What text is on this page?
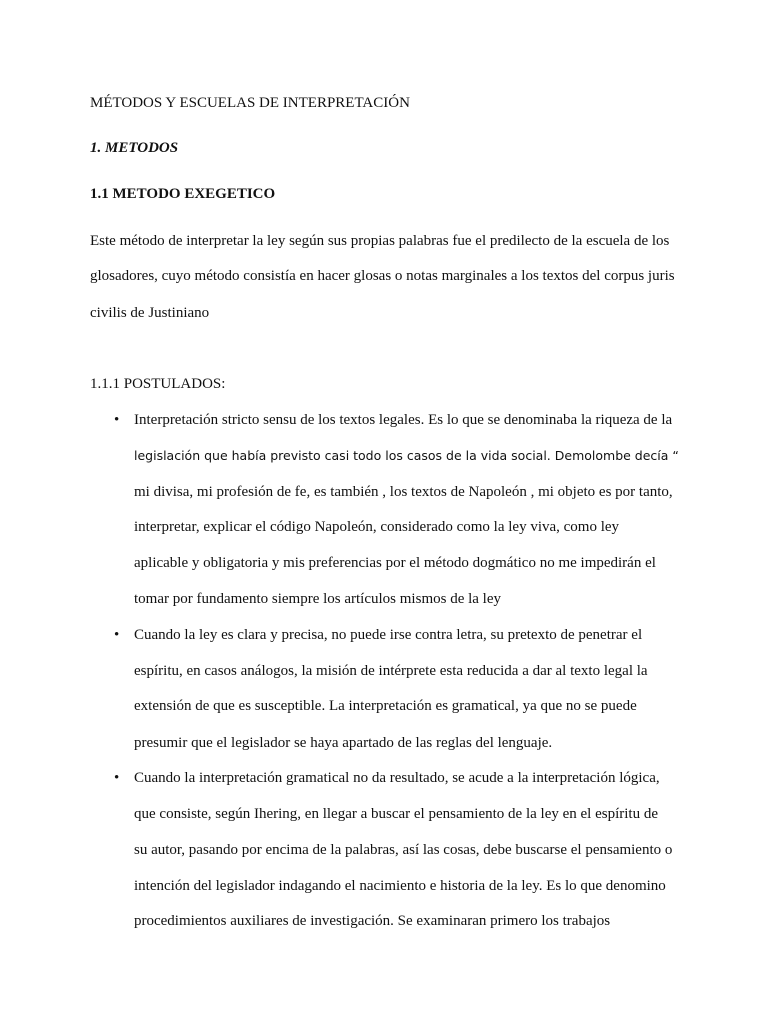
MÉTODOS Y ESCUELAS DE INTERPRETACIÓN
1. METODOS
1.1 METODO EXEGETICO
Este método de interpretar la ley según sus propias palabras fue el predilecto de la escuela de los
glosadores, cuyo método consistía en hacer glosas o notas marginales a los textos del corpus juris
civilis de Justiniano
1.1.1 POSTULADOS:
• Interpretación stricto sensu de los textos legales. Es lo que se denominaba la riqueza de la
legislación que había previsto casi todo los casos de la vida social. Demolombe decía “
mi divisa, mi profesión de fe, es también , los textos de Napoleón , mi objeto es por tanto,
interpretar, explicar el código Napoleón, considerado como la ley viva, como ley
aplicable y obligatoria y mis preferencias por el método dogmático no me impedirán el
tomar por fundamento siempre los artículos mismos de la ley
• Cuando la ley es clara y precisa, no puede irse contra letra, su pretexto de penetrar el
espíritu, en casos análogos, la misión de intérprete esta reducida a dar al texto legal la
extensión de que es susceptible. La interpretación es gramatical, ya que no se puede
presumir que el legislador se haya apartado de las reglas del lenguaje.
• Cuando la interpretación gramatical no da resultado, se acude a la interpretación lógica,
que consiste, según Ihering, en llegar a buscar el pensamiento de la ley en el espíritu de
su autor, pasando por encima de la palabras, así las cosas, debe buscarse el pensamiento o
intención del legislador indagando el nacimiento e historia de la ley. Es lo que denomino
procedimientos auxiliares de investigación. Se examinaran primero los trabajos
